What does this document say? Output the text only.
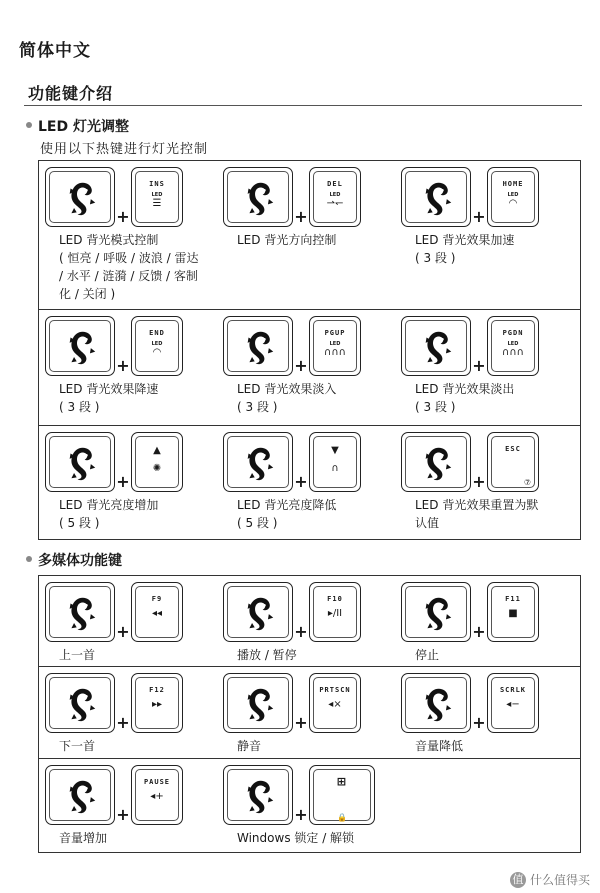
简体中文
功能键介绍
LED 灯光调整
使用以下热键进行灯光控制
+
INS
LED
☰
LED 背光模式控制
( 恒亮 / 呼吸 / 波浪 / 雷达
/ 水平 / 涟漪 / 反馈 / 客制
化 / 关闭 )
+
DEL
LED
⇀↽
LED 背光方向控制
+
HOME
LED
◠
LED 背光效果加速
( 3 段 )
+
END
LED
◠
LED 背光效果降速
( 3 段 )
+
PGUP
LED
∩∩∩
LED 背光效果淡入
( 3 段 )
+
PGDN
LED
∩∩∩
LED 背光效果淡出
( 3 段 )
+
▲
✺
LED 背光亮度增加
( 5 段 )
+
▼
∩
LED 背光亮度降低
( 5 段 )
+
ESC
⑦
LED 背光效果重置为默
认值
多媒体功能键
+
F9
◂◂
上一首
+
F10
▸/II
播放 / 暂停
+
F11
■
停止
+
F12
▸▸
下一首
+
PRTSCN
◂×
静音
+
SCRLK
◂−
音量降低
+
PAUSE
◂+
音量增加
+
⊞
🔒
Windows 锁定 / 解锁
值 什么值得买
